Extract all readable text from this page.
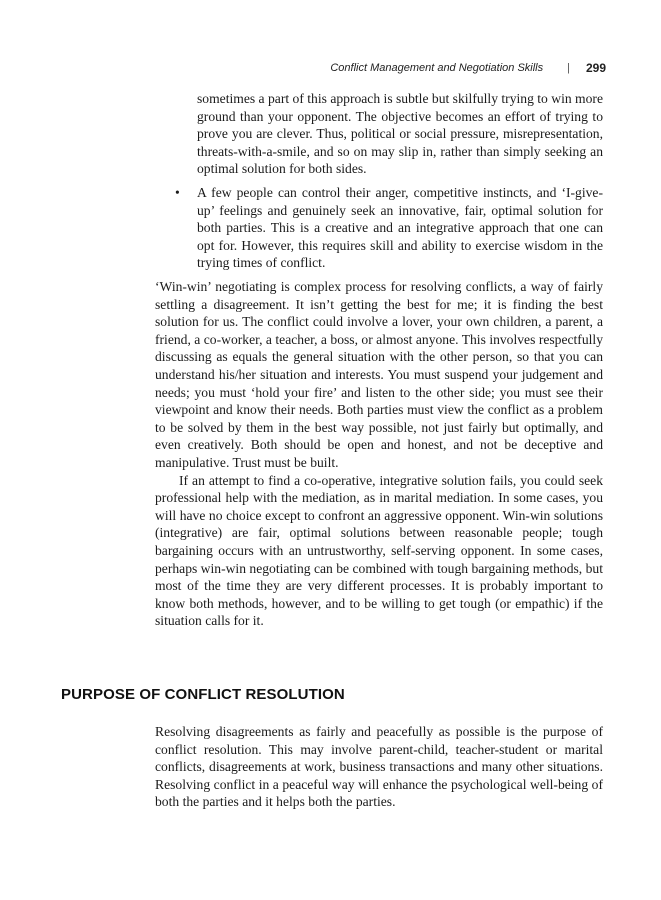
Conflict Management and Negotiation Skills | 299

sometimes a part of this approach is subtle but skilfully trying to win more ground than your opponent. The objective becomes an effort of trying to prove you are clever. Thus, political or social pressure, misrepresentation, threats-with-a-smile, and so on may slip in, rather than simply seeking an optimal solution for both sides.

• A few people can control their anger, competitive instincts, and ‘I-give-up’ feelings and genuinely seek an innovative, fair, optimal solution for both parties. This is a creative and an integrative approach that one can opt for. However, this requires skill and ability to exercise wisdom in the trying times of conflict.

‘Win-win’ negotiating is complex process for resolving conflicts, a way of fairly settling a disagreement. It isn’t getting the best for me; it is finding the best solution for us. The conflict could involve a lover, your own children, a parent, a friend, a co-worker, a teacher, a boss, or almost anyone. This involves respectfully discussing as equals the general situation with the other person, so that you can understand his/her situation and interests. You must suspend your judgement and needs; you must ‘hold your fire’ and listen to the other side; you must see their viewpoint and know their needs. Both parties must view the conflict as a problem to be solved by them in the best way possible, not just fairly but optimally, and even creatively. Both should be open and honest, and not be deceptive and manipulative. Trust must be built.

If an attempt to find a co-operative, integrative solution fails, you could seek professional help with the mediation, as in marital mediation. In some cases, you will have no choice except to confront an aggressive opponent. Win-win solutions (integrative) are fair, optimal solutions between reasonable people; tough bargaining occurs with an untrustworthy, self-serving opponent. In some cases, perhaps win-win negotiating can be combined with tough bargaining methods, but most of the time they are very different processes. It is probably important to know both methods, however, and to be willing to get tough (or empathic) if the situation calls for it.

PURPOSE OF CONFLICT RESOLUTION

Resolving disagreements as fairly and peacefully as possible is the purpose of conflict resolution. This may involve parent-child, teacher-student or marital conflicts, disagreements at work, business transactions and many other situations. Resolving conflict in a peaceful way will enhance the psychological well-being of both the parties and it helps both the parties.
